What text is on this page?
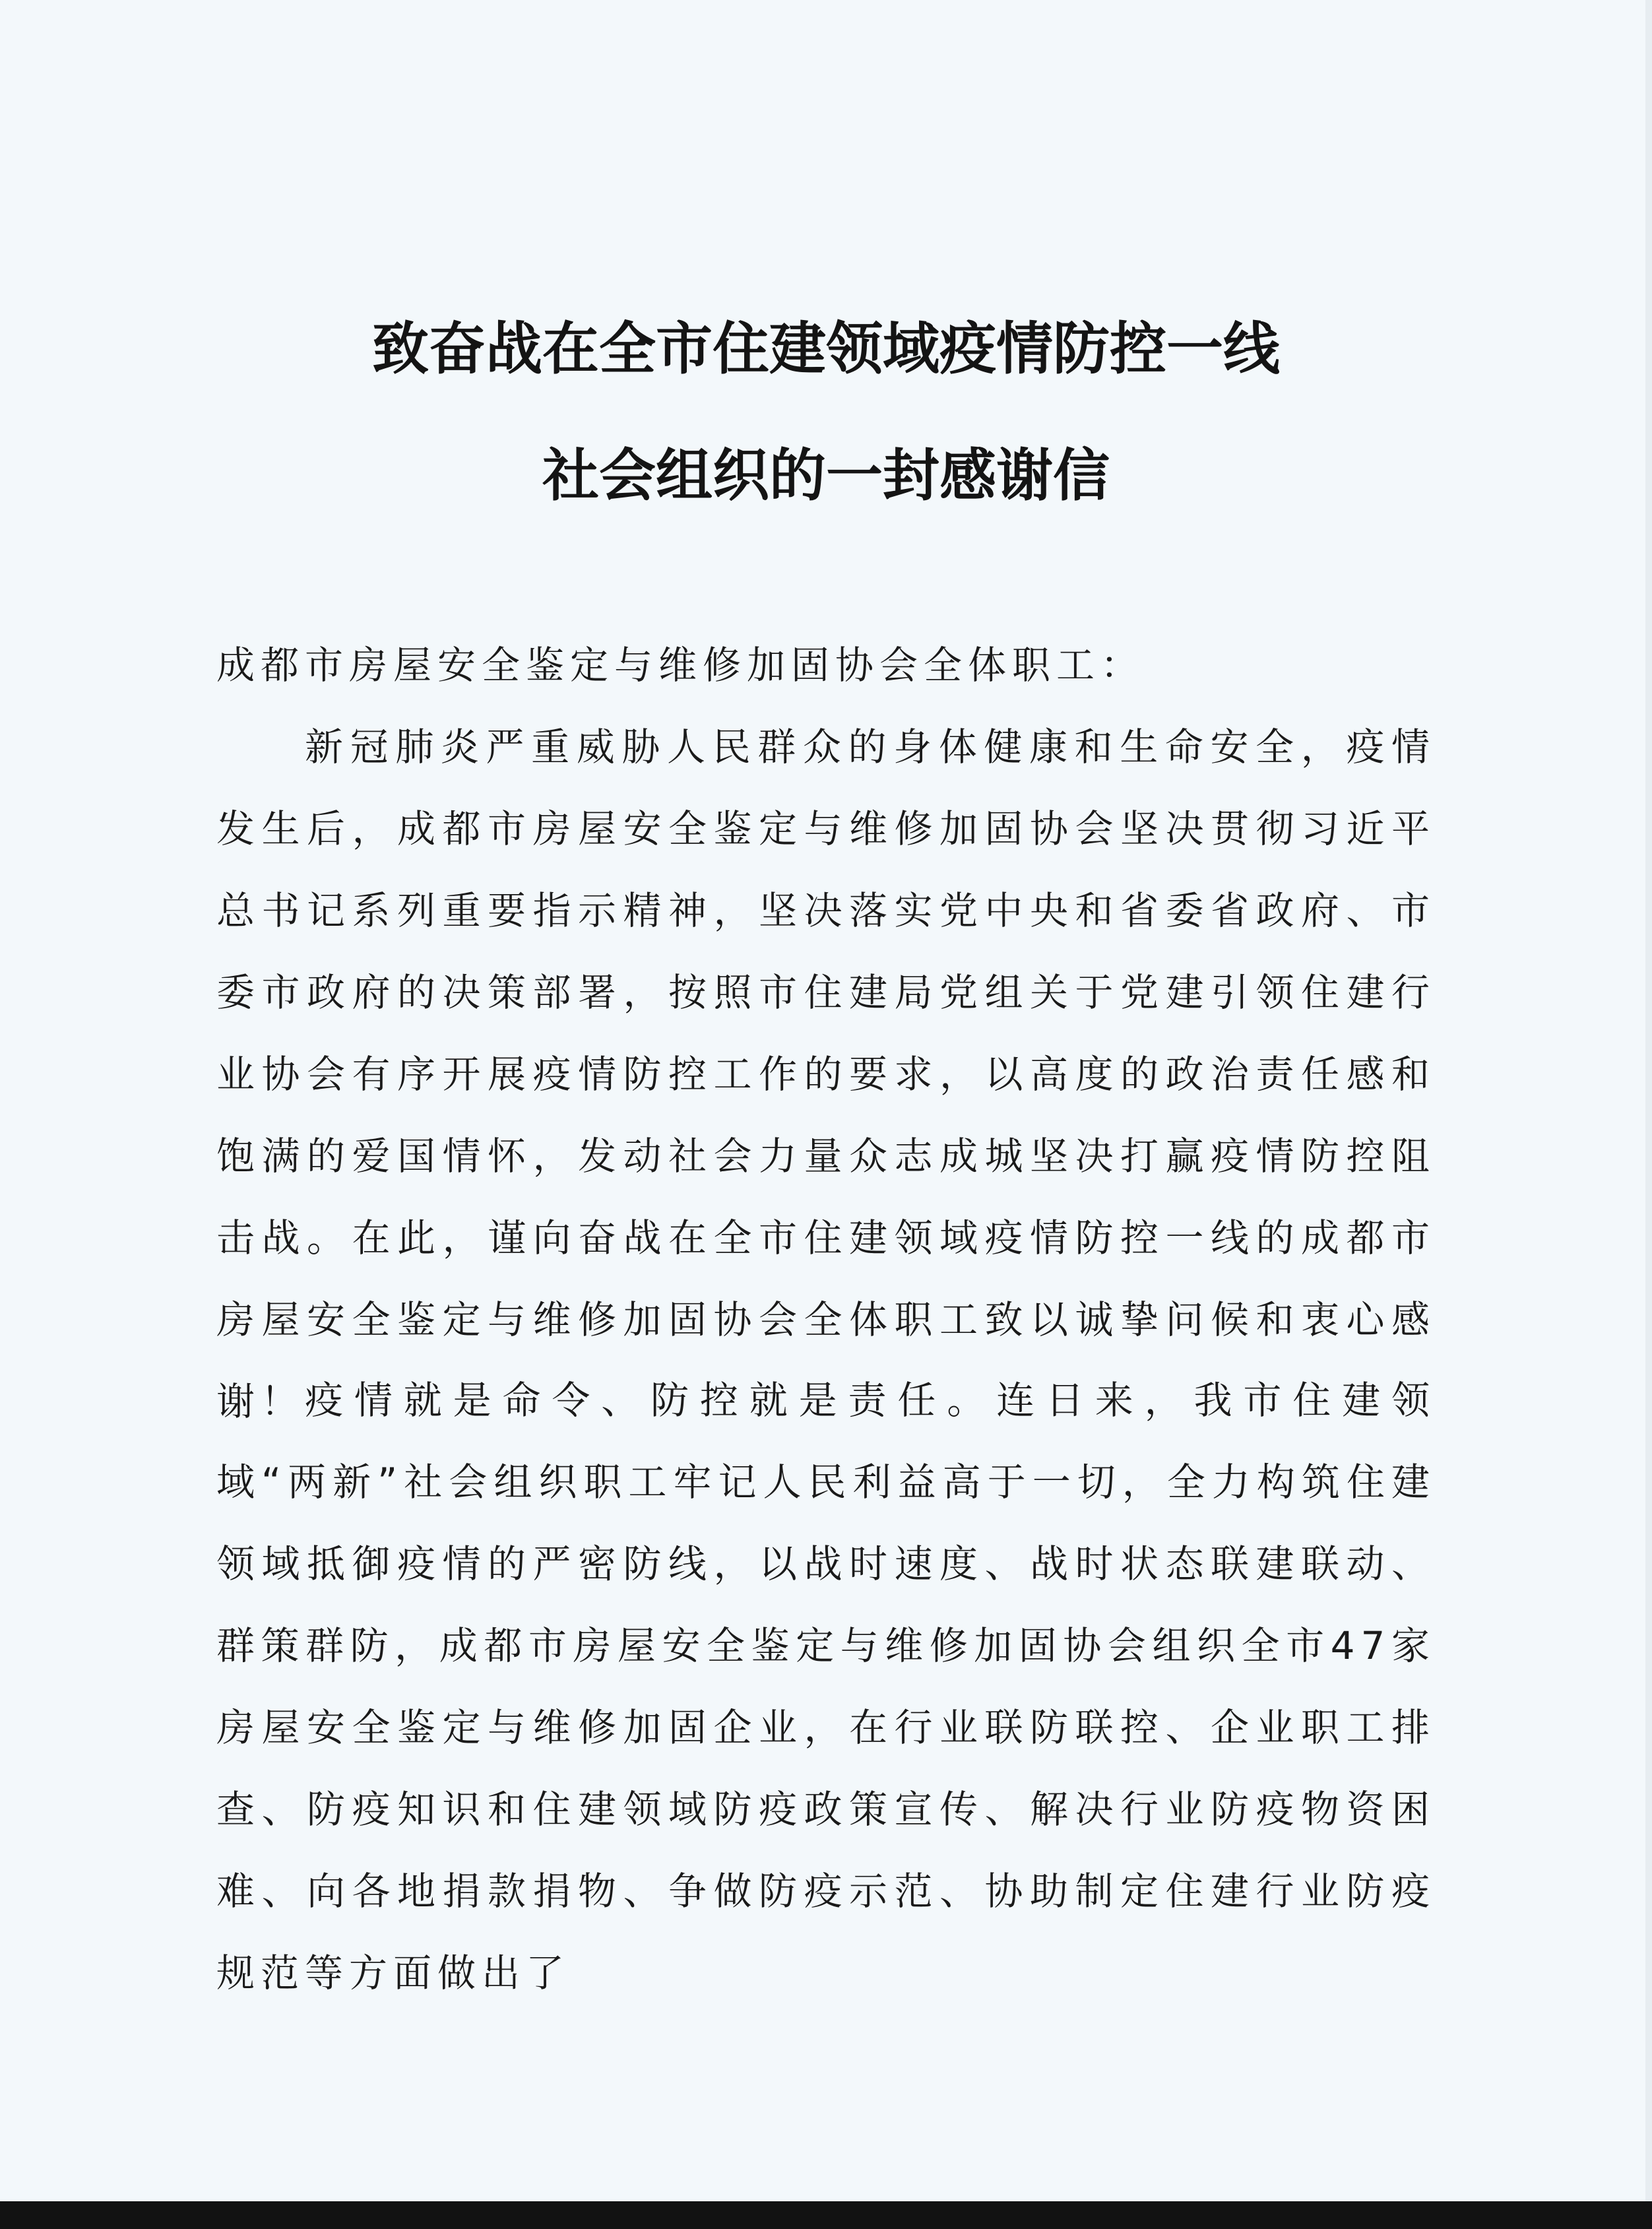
致奋战在全市住建领域疫情防控一线
社会组织的一封感谢信
成都市房屋安全鉴定与维修加固协会全体职工：
新冠肺炎严重威胁人民群众的身体健康和生命安全，疫情发生后，成都市房屋安全鉴定与维修加固协会坚决贯彻习近平总书记系列重要指示精神，坚决落实党中央和省委省政府、市委市政府的决策部署，按照市住建局党组关于党建引领住建行业协会有序开展疫情防控工作的要求，以高度的政治责任感和饱满的爱国情怀，发动社会力量众志成城坚决打赢疫情防控阻击战。在此，谨向奋战在全市住建领域疫情防控一线的成都市房屋安全鉴定与维修加固协会全体职工致以诚挚问候和衷心感谢！ 疫情就是命令、防控就是责任。连日来，我市住建领域“两新”社会组织职工牢记人民利益高于一切，全力构筑住建领域抵御疫情的严密防线，以战时速度、战时状态联建联动、群策群防，成都市房屋安全鉴定与维修加固协会组织全市47家房屋安全鉴定与维修加固企业，在行业联防联控、企业职工排查、防疫知识和住建领域防疫政策宣传、解决行业防疫物资困难、向各地捐款捐物、争做防疫示范、协助制定住建行业防疫规范等方面做出了
